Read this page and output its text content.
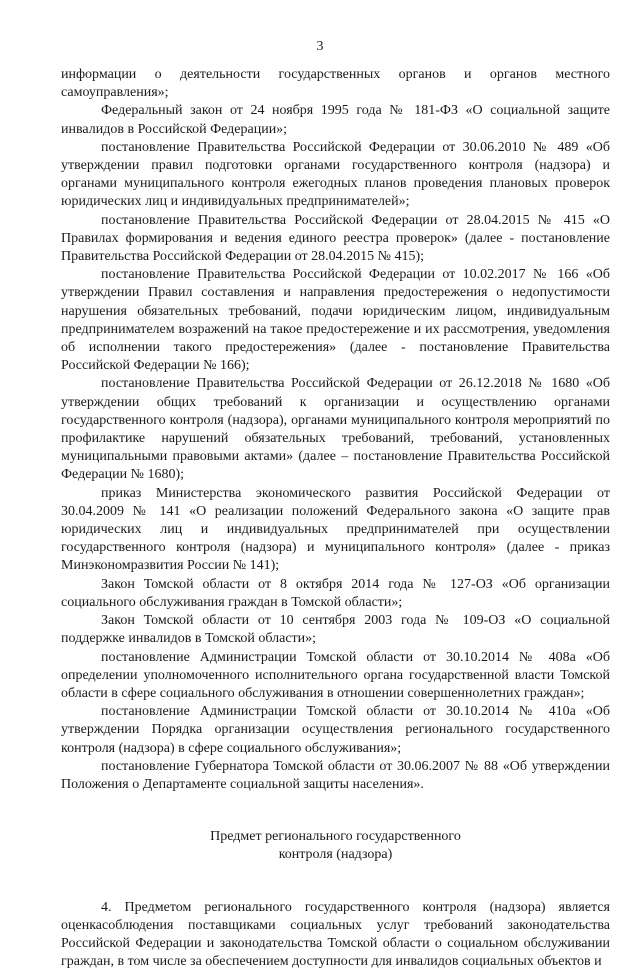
3

информации о деятельности государственных органов и органов местного самоуправления»;

Федеральный закон от 24 ноября 1995 года № 181-ФЗ «О социальной защите инвалидов в Российской Федерации»;

постановление Правительства Российской Федерации от 30.06.2010 № 489 «Об утверждении правил подготовки органами государственного контроля (надзора) и органами муниципального контроля ежегодных планов проведения плановых проверок юридических лиц и индивидуальных предпринимателей»;

постановление Правительства Российской Федерации от 28.04.2015 № 415 «О Правилах формирования и ведения единого реестра проверок» (далее - постановление Правительства Российской Федерации от 28.04.2015 № 415);

постановление Правительства Российской Федерации от 10.02.2017 № 166 «Об утверждении Правил составления и направления предостережения о недопустимости нарушения обязательных требований, подачи юридическим лицом, индивидуальным предпринимателем возражений на такое предостережение и их рассмотрения, уведомления об исполнении такого предостережения» (далее - постановление Правительства Российской Федерации № 166);

постановление Правительства Российской Федерации от 26.12.2018 № 1680 «Об утверждении общих требований к организации и осуществлению органами государственного контроля (надзора), органами муниципального контроля мероприятий по профилактике нарушений обязательных требований, требований, установленных муниципальными правовыми актами» (далее – постановление Правительства Российской Федерации № 1680);

приказ Министерства экономического развития Российской Федерации от 30.04.2009 № 141 «О реализации положений Федерального закона «О защите прав юридических лиц и индивидуальных предпринимателей при осуществлении государственного контроля (надзора) и муниципального контроля» (далее - приказ Минэкономразвития России № 141);

Закон Томской области от 8 октября 2014 года № 127-ОЗ «Об организации социального обслуживания граждан в Томской области»;

Закон Томской области от 10 сентября 2003 года № 109-ОЗ «О социальной поддержке инвалидов в Томской области»;

постановление Администрации Томской области от 30.10.2014 № 408а «Об определении уполномоченного исполнительного органа государственной власти Томской области в сфере социального обслуживания в отношении совершеннолетних граждан»;

постановление Администрации Томской области от 30.10.2014 № 410а «Об утверждении Порядка организации осуществления регионального государственного контроля (надзора) в сфере социального обслуживания»;

постановление Губернатора Томской области от 30.06.2007 № 88 «Об утверждении Положения о Департаменте социальной защиты населения».

Предмет регионального государственного
контроля (надзора)

4. Предметом регионального государственного контроля (надзора) является оценкасоблюдения поставщиками социальных услуг требований законодательства Российской Федерации и законодательства Томской области о социальном обслуживании граждан, в том числе за обеспечением доступности для инвалидов социальных объектов и
